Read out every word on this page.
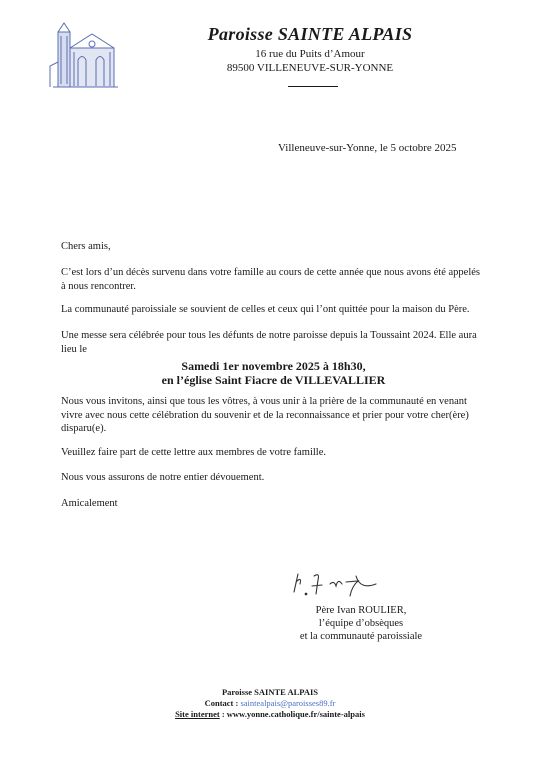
Paroisse SAINTE ALPAIS
16 rue du Puits d’Amour
89500 VILLENEUVE-SUR-YONNE
Villeneuve-sur-Yonne, le 5 octobre 2025
Chers amis,
C’est lors d’un décès survenu dans votre famille au cours de cette année que nous avons été appelés à nous rencontrer.
La communauté paroissiale se souvient de celles et ceux qui l’ont quittée pour la maison du Père.
Une messe sera célébrée pour tous les défunts de notre paroisse depuis la Toussaint 2024. Elle aura lieu le
Samedi 1er novembre 2025 à 18h30,
en l’église Saint Fiacre de VILLEVALLIER
Nous vous invitons, ainsi que tous les vôtres, à vous unir à la prière de la communauté en venant vivre avec nous cette célébration du souvenir et de la reconnaissance et prier pour votre cher(ère) disparu(e).
Veuillez faire part de cette lettre aux membres de votre famille.
Nous vous assurons de notre entier dévouement.
Amicalement
Père Ivan ROULIER,
l’équipe d’obsèques
et la communauté paroissiale
Paroisse SAINTE ALPAIS
Contact : saintealpais@paroisses89.fr
Site internet : www.yonne.catholique.fr/sainte-alpais
